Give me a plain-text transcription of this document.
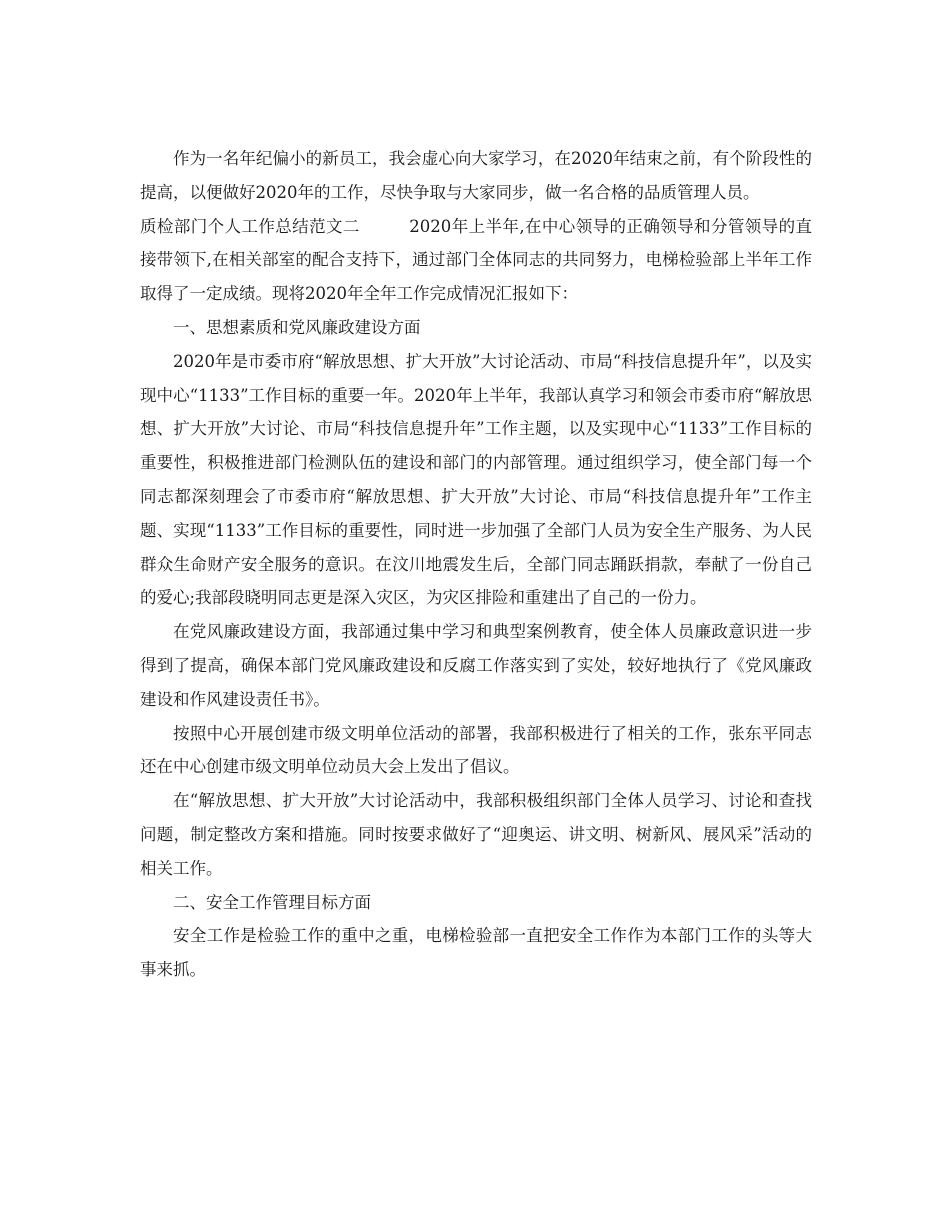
作为一名年纪偏小的新员工，我会虚心向大家学习，在2020年结束之前，有个阶段性的提高，以便做好2020年的工作，尽快争取与大家同步，做一名合格的品质管理人员。

质检部门个人工作总结范文二	2020年上半年,在中心领导的正确领导和分管领导的直接带领下,在相关部室的配合支持下，通过部门全体同志的共同努力，电梯检验部上半年工作取得了一定成绩。现将2020年全年工作完成情况汇报如下：

一、思想素质和党风廉政建设方面

2020年是市委市府“解放思想、扩大开放”大讨论活动、市局“科技信息提升年”，以及实现中心“1133”工作目标的重要一年。2020年上半年，我部认真学习和领会市委市府“解放思想、扩大开放”大讨论、市局“科技信息提升年”工作主题，以及实现中心“1133”工作目标的重要性，积极推进部门检测队伍的建设和部门的内部管理。通过组织学习，使全部门每一个同志都深刻理会了市委市府“解放思想、扩大开放”大讨论、市局“科技信息提升年”工作主题、实现“1133”工作目标的重要性，同时进一步加强了全部门人员为安全生产服务、为人民群众生命财产安全服务的意识。在汶川地震发生后，全部门同志踊跃捐款，奉献了一份自己的爱心;我部段晓明同志更是深入灾区，为灾区排险和重建出了自己的一份力。

在党风廉政建设方面，我部通过集中学习和典型案例教育，使全体人员廉政意识进一步得到了提高，确保本部门党风廉政建设和反腐工作落实到了实处，较好地执行了《党风廉政建设和作风建设责任书》。

按照中心开展创建市级文明单位活动的部署，我部积极进行了相关的工作，张东平同志还在中心创建市级文明单位动员大会上发出了倡议。

在“解放思想、扩大开放”大讨论活动中，我部积极组织部门全体人员学习、讨论和查找问题，制定整改方案和措施。同时按要求做好了“迎奥运、讲文明、树新风、展风采”活动的相关工作。

二、安全工作管理目标方面

安全工作是检验工作的重中之重，电梯检验部一直把安全工作作为本部门工作的头等大事来抓。
